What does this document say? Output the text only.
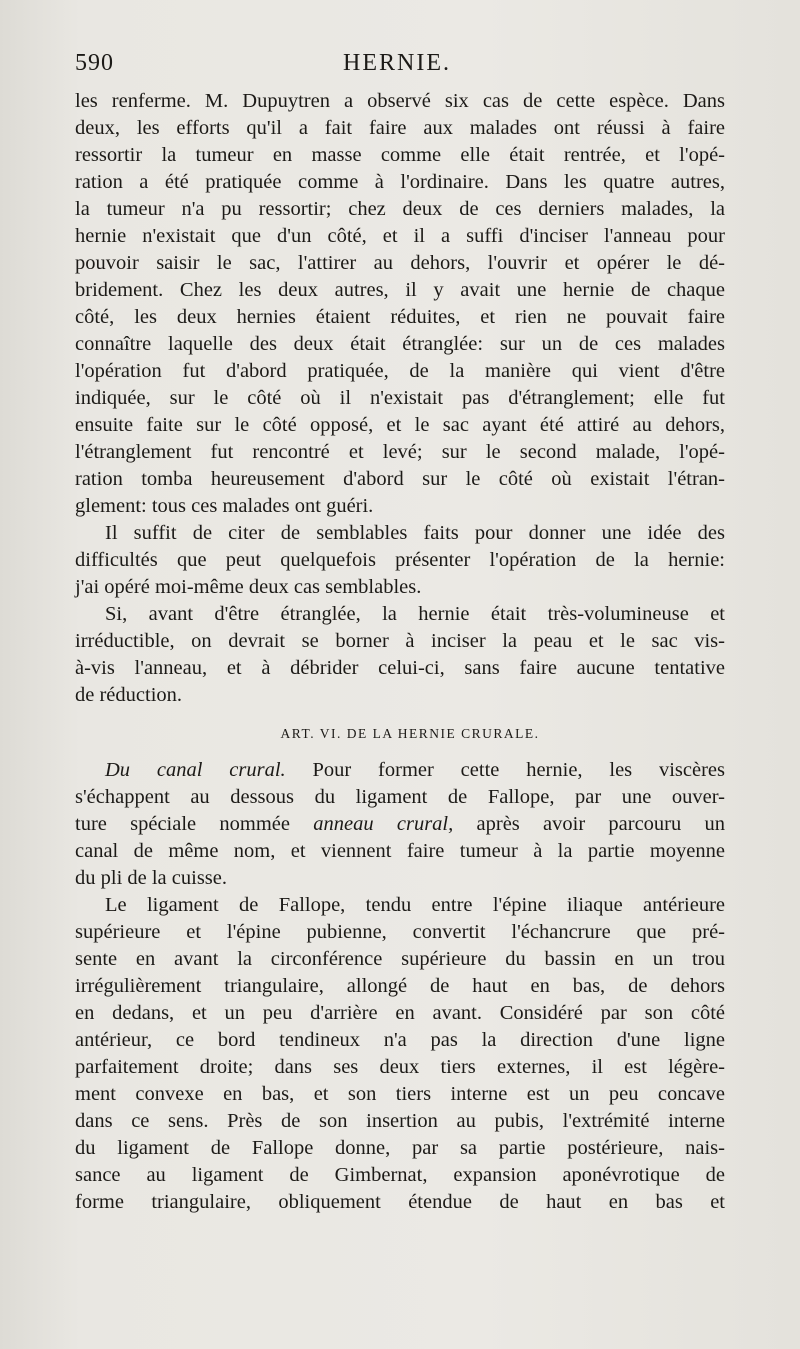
590	HERNIE.
les renferme. M. Dupuytren a observé six cas de cette espèce. Dans
deux, les efforts qu'il a fait faire aux malades ont réussi à faire
ressortir la tumeur en masse comme elle était rentrée, et l'opé-
ration a été pratiquée comme à l'ordinaire. Dans les quatre autres,
la tumeur n'a pu ressortir; chez deux de ces derniers malades, la
hernie n'existait que d'un côté, et il a suffi d'inciser l'anneau pour
pouvoir saisir le sac, l'attirer au dehors, l'ouvrir et opérer le dé-
bridement. Chez les deux autres, il y avait une hernie de chaque
côté, les deux hernies étaient réduites, et rien ne pouvait faire
connaître laquelle des deux était étranglée: sur un de ces malades
l'opération fut d'abord pratiquée, de la manière qui vient d'être
indiquée, sur le côté où il n'existait pas d'étranglement; elle fut
ensuite faite sur le côté opposé, et le sac ayant été attiré au dehors,
l'étranglement fut rencontré et levé; sur le second malade, l'opé-
ration tomba heureusement d'abord sur le côté où existait l'étran-
glement: tous ces malades ont guéri.
Il suffit de citer de semblables faits pour donner une idée des
difficultés que peut quelquefois présenter l'opération de la hernie:
j'ai opéré moi-même deux cas semblables.
Si, avant d'être étranglée, la hernie était très-volumineuse et
irréductible, on devrait se borner à inciser la peau et le sac vis-
à-vis l'anneau, et à débrider celui-ci, sans faire aucune tentative
de réduction.
ART. VI. DE LA HERNIE CRURALE.
Du canal crural. Pour former cette hernie, les viscères
s'échappent au dessous du ligament de Fallope, par une ouver-
ture spéciale nommée anneau crural, après avoir parcouru un
canal de même nom, et viennent faire tumeur à la partie moyenne
du pli de la cuisse.
Le ligament de Fallope, tendu entre l'épine iliaque antérieure
supérieure et l'épine pubienne, convertit l'échancrure que pré-
sente en avant la circonférence supérieure du bassin en un trou
irrégulièrement triangulaire, allongé de haut en bas, de dehors
en dedans, et un peu d'arrière en avant. Considéré par son côté
antérieur, ce bord tendineux n'a pas la direction d'une ligne
parfaitement droite; dans ses deux tiers externes, il est légère-
ment convexe en bas, et son tiers interne est un peu concave
dans ce sens. Près de son insertion au pubis, l'extrémité interne
du ligament de Fallope donne, par sa partie postérieure, nais-
sance au ligament de Gimbernat, expansion aponévrotique de
forme triangulaire, obliquement étendue de haut en bas et
